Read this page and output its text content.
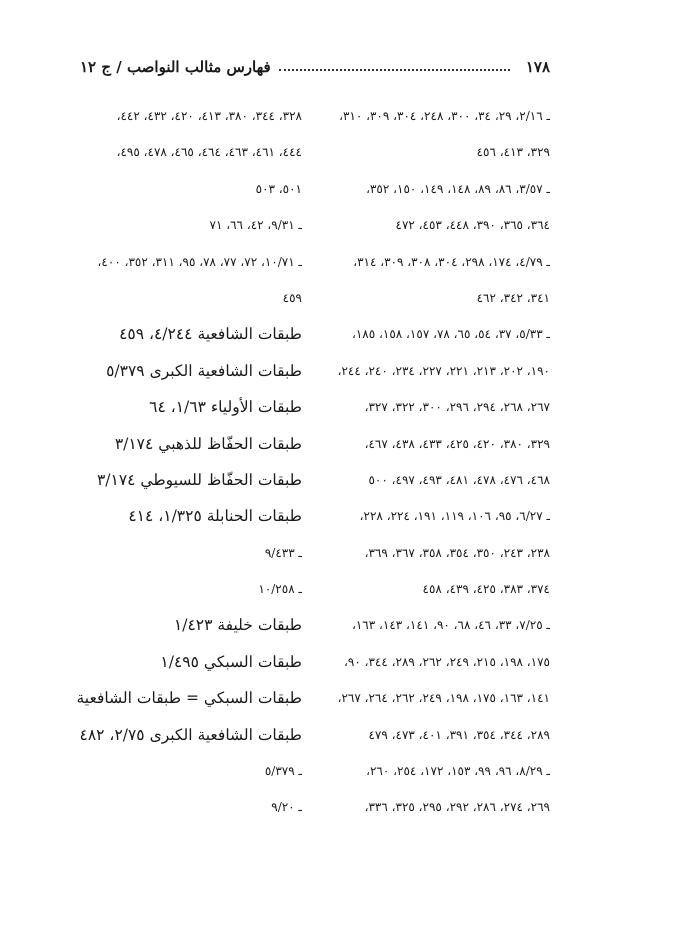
١٧٨
فهارس مثالب النواصب / ج ١٢
ـ ٢/١٦، ٢٩، ٣٤، ٣٠٠، ٢٤٨، ٣٠٤، ٣٠٩، ٣١٠،
٣٢٩، ٤١٣، ٤٥٦
ـ ٣/٥٧، ٨٦، ٨٩، ١٤٨، ١٤٩، ١٥٠، ٣٥٢،
٣٦٤، ٣٦٥، ٣٩٠، ٤٤٨، ٤٥٣، ٤٧٢
ـ ٤/٧٩، ١٧٤، ٢٩٨، ٣٠٤، ٣٠٨، ٣٠٩، ٣١٤،
٣٤١، ٣٤٢، ٤٦٢
ـ ٥/٣٣، ٣٧، ٥٤، ٦٥، ٧٨، ١٥٧، ١٥٨، ١٨٥،
١٩٠، ٢٠٢، ٢١٣، ٢٢١، ٢٢٧، ٢٣٤، ٢٤٠، ٢٤٤،
٢٦٧، ٢٦٨، ٢٩٤، ٢٩٦، ٣٠٠، ٣٢٢، ٣٢٧،
٣٢٩، ٣٨٠، ٤٢٠، ٤٢٥، ٤٣٣، ٤٣٨، ٤٦٧،
٤٦٨، ٤٧٦، ٤٧٨، ٤٨١، ٤٩٣، ٤٩٧، ٥٠٠
ـ ٦/٢٧، ٩٥، ١٠٦، ١١٩، ١٩١، ٢٢٤، ٢٢٨،
٢٣٨، ٢٤٣، ٣٥٠، ٣٥٤، ٣٥٨، ٣٦٧، ٣٦٩،
٣٧٤، ٣٨٣، ٤٢٥، ٤٣٩، ٤٥٨
ـ ٧/٢٥، ٣٣، ٤٦، ٦٨، ٩٠، ١٤١، ١٤٣، ١٦٣،
١٧٥، ١٩٨، ٢١٥، ٢٤٩، ٢٦٢، ٢٨٩، ٣٤٤، ٩٠،
١٤١، ١٦٣، ١٧٥، ١٩٨، ٢٤٩، ٢٦٢، ٢٦٤، ٢٦٧،
٢٨٩، ٣٤٤، ٣٥٤، ٣٩١، ٤٠١، ٤٧٣، ٤٧٩
ـ ٨/٢٩، ٩٦، ٩٩، ١٥٣، ١٧٢، ٢٥٤، ٢٦٠،
٢٦٩، ٢٧٤، ٢٨٦، ٢٩٢، ٢٩٥، ٣٢٥، ٣٣٦،
٣٢٨، ٣٤٤، ٣٨٠، ٤١٣، ٤٢٠، ٤٣٢، ٤٤٢،
٤٤٤، ٤٦١، ٤٦٣، ٤٦٤، ٤٦٥، ٤٧٨، ٤٩٥،
٥٠١، ٥٠٣
ـ ٩/٣١، ٤٢، ٦٦، ٧١
ـ ١٠/٧١، ٧٢، ٧٧، ٧٨، ٩٥، ٣١١، ٣٥٢، ٤٠٠،
٤٥٩
طبقات الشافعية ٤/٢٤٤، ٤٥٩
طبقات الشافعية الكبرى ٥/٣٧٩
طبقات الأولياء ١/٦٣، ٦٤
طبقات الحفّاظ للذهبي ٣/١٧٤
طبقات الحفّاظ للسيوطي ٣/١٧٤
طبقات الحنابلة ١/٣٢٥، ٤١٤
ـ ٩/٤٣٣
ـ ١٠/٢٥٨
طبقات خليفة ١/٤٢٣
طبقات السبكي ١/٤٩٥
طبقات السبكي = طبقات الشافعية
طبقات الشافعية الكبرى ٢/٧٥، ٤٨٢
ـ ٥/٣٧٩
ـ ٩/٢٠
